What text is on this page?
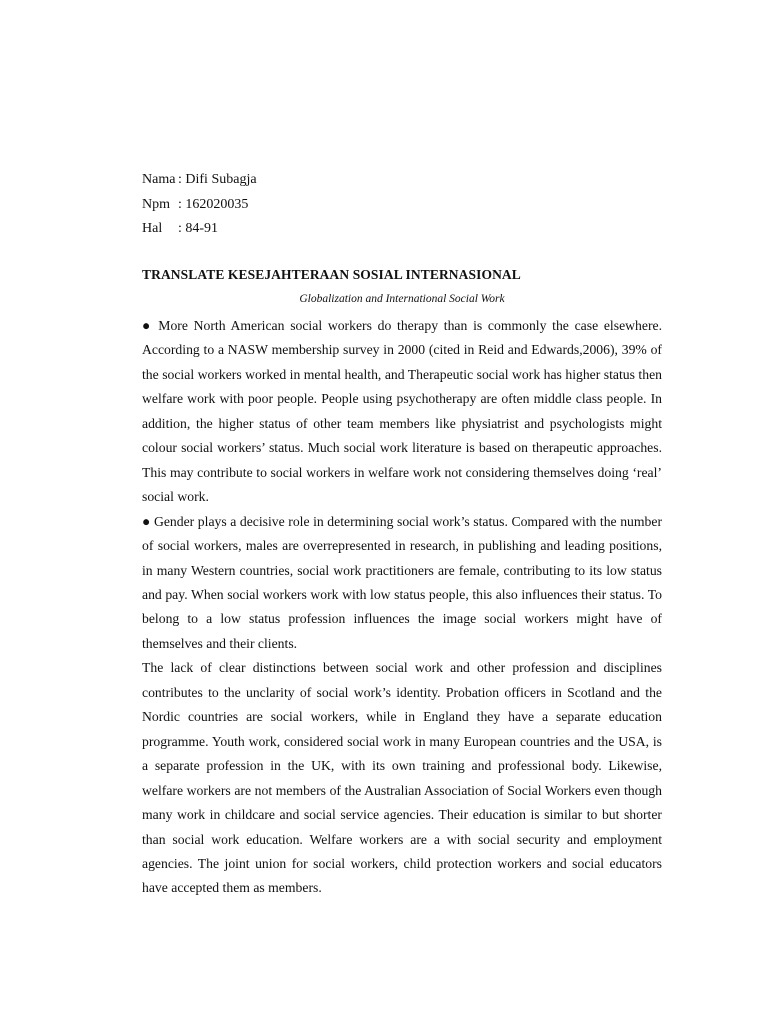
Nama : Difi Subagja
Npm : 162020035
Hal	: 84-91
TRANSLATE KESEJAHTERAAN SOSIAL INTERNASIONAL
Globalization and International Social Work

● More North American social workers do therapy than is commonly the case elsewhere. According to a NASW membership survey in 2000 (cited in Reid and Edwards,2006), 39% of the social workers worked in mental health, and Therapeutic social work has higher status then welfare work with poor people. People using psychotherapy are often middle class people. In addition, the higher status of other team members like physiatrist and psychologists might colour social workers’ status. Much social work literature is based on therapeutic approaches. This may contribute to social workers in welfare work not considering themselves doing ‘real’ social work.

● Gender plays a decisive role in determining social work’s status. Compared with the number of social workers, males are overrepresented in research, in publishing and leading positions, in many Western countries, social work practitioners are female, contributing to its low status and pay. When social workers work with low status people, this also influences their status. To belong to a low status profession influences the image social workers might have of themselves and their clients.

The lack of clear distinctions between social work and other profession and disciplines contributes to the unclarity of social work’s identity. Probation officers in Scotland and the Nordic countries are social workers, while in England they have a separate education programme. Youth work, considered social work in many European countries and the USA, is a separate profession in the UK, with its own training and professional body. Likewise, welfare workers are not members of the Australian Association of Social Workers even though many work in childcare and social service agencies. Their education is similar to but shorter than social work education. Welfare workers are a with social security and employment agencies. The joint union for social workers, child protection workers and social educators have accepted them as members.
